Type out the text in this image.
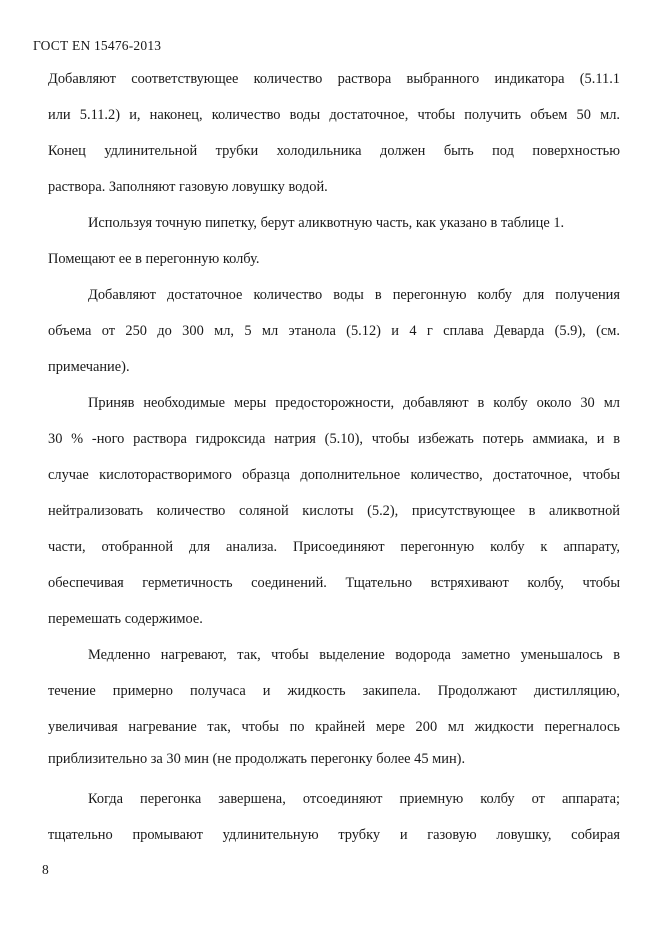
ГОСТ EN 15476-2013
Добавляют соответствующее количество раствора выбранного индикатора (5.11.1
или 5.11.2) и, наконец, количество воды достаточное, чтобы получить объем 50 мл.
Конец удлинительной трубки холодильника должен быть под поверхностью
раствора. Заполняют газовую ловушку водой.
Используя точную пипетку, берут аликвотную часть, как указано в таблице 1.
Помещают ее в перегонную колбу.
Добавляют достаточное количество воды в перегонную колбу для получения
объема от 250 до 300 мл, 5 мл этанола (5.12) и 4 г сплава Деварда (5.9), (см.
примечание).
Приняв необходимые меры предосторожности, добавляют в колбу около 30 мл
30 % -ного раствора гидроксида натрия (5.10), чтобы избежать потерь аммиака, и в
случае кислоторастворимого образца дополнительное количество, достаточное, чтобы
нейтрализовать количество соляной кислоты (5.2), присутствующее в аликвотной
части, отобранной для анализа. Присоединяют перегонную колбу к аппарату,
обеспечивая герметичность соединений. Тщательно встряхивают колбу, чтобы
перемешать содержимое.
Медленно нагревают, так, чтобы выделение водорода заметно уменьшалось в
течение примерно получаса и жидкость закипела. Продолжают дистилляцию,
увеличивая нагревание так, чтобы по крайней мере 200 мл жидкости перегналось
приблизительно за 30 мин (не продолжать перегонку более 45 мин).
Когда перегонка завершена, отсоединяют приемную колбу от аппарата;
тщательно промывают удлинительную трубку и газовую ловушку, собирая
8
